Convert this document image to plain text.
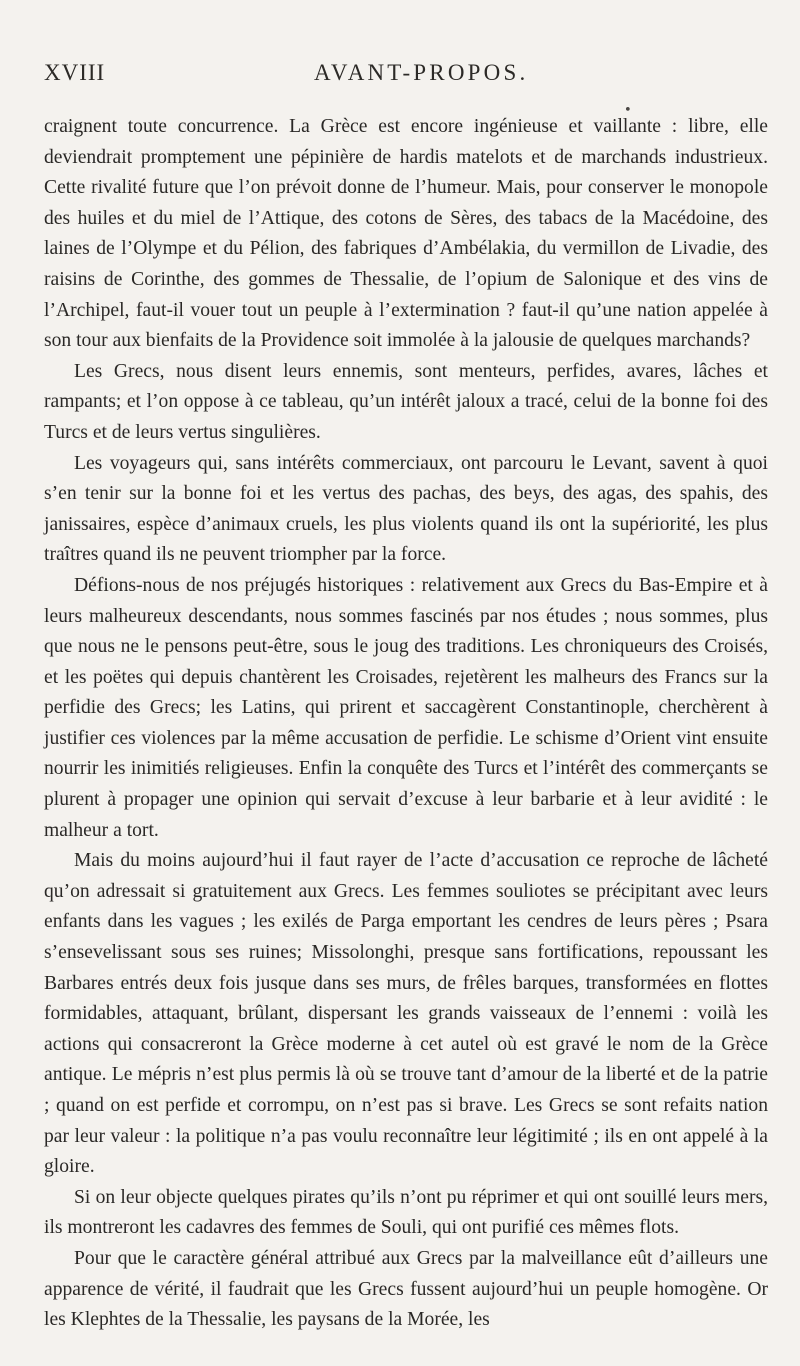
XVIII	AVANT-PROPOS.
•

craignent toute concurrence. La Grèce est encore ingénieuse et vaillante : libre, elle deviendrait promptement une pépinière de hardis matelots et de marchands industrieux. Cette rivalité future que l’on prévoit donne de l’humeur. Mais, pour conserver le monopole des huiles et du miel de l’Attique, des cotons de Sères, des tabacs de la Macédoine, des laines de l’Olympe et du Pélion, des fabriques d’Ambélakia, du vermillon de Livadie, des raisins de Corinthe, des gommes de Thessalie, de l’opium de Salonique et des vins de l’Archipel, faut-il vouer tout un peuple à l’extermination ? faut-il qu’une nation appelée à son tour aux bienfaits de la Providence soit immolée à la jalousie de quelques marchands?

Les Grecs, nous disent leurs ennemis, sont menteurs, perfides, avares, lâches et rampants; et l’on oppose à ce tableau, qu’un intérêt jaloux a tracé, celui de la bonne foi des Turcs et de leurs vertus singulières.

Les voyageurs qui, sans intérêts commerciaux, ont parcouru le Levant, savent à quoi s’en tenir sur la bonne foi et les vertus des pachas, des beys, des agas, des spahis, des janissaires, espèce d’animaux cruels, les plus violents quand ils ont la supériorité, les plus traîtres quand ils ne peuvent triompher par la force.

Défions-nous de nos préjugés historiques : relativement aux Grecs du Bas-Empire et à leurs malheureux descendants, nous sommes fascinés par nos études ; nous sommes, plus que nous ne le pensons peut-être, sous le joug des traditions. Les chroniqueurs des Croisés, et les poëtes qui depuis chantèrent les Croisades, rejetèrent les malheurs des Francs sur la perfidie des Grecs; les Latins, qui prirent et saccagèrent Constantinople, cherchèrent à justifier ces violences par la même accusation de perfidie. Le schisme d’Orient vint ensuite nourrir les inimitiés religieuses. Enfin la conquête des Turcs et l’intérêt des commerçants se plurent à propager une opinion qui servait d’excuse à leur barbarie et à leur avidité : le malheur a tort.

Mais du moins aujourd’hui il faut rayer de l’acte d’accusation ce reproche de lâcheté qu’on adressait si gratuitement aux Grecs. Les femmes souliotes se précipitant avec leurs enfants dans les vagues ; les exilés de Parga emportant les cendres de leurs pères ; Psara s’ensevelissant sous ses ruines; Missolonghi, presque sans fortifications, repoussant les Barbares entrés deux fois jusque dans ses murs, de frêles barques, transformées en flottes formidables, attaquant, brûlant, dispersant les grands vaisseaux de l’ennemi : voilà les actions qui consacreront la Grèce moderne à cet autel où est gravé le nom de la Grèce antique. Le mépris n’est plus permis là où se trouve tant d’amour de la liberté et de la patrie ; quand on est perfide et corrompu, on n’est pas si brave. Les Grecs se sont refaits nation par leur valeur : la politique n’a pas voulu reconnaître leur légitimité ; ils en ont appelé à la gloire.

Si on leur objecte quelques pirates qu’ils n’ont pu réprimer et qui ont souillé leurs mers, ils montreront les cadavres des femmes de Souli, qui ont purifié ces mêmes flots.

Pour que le caractère général attribué aux Grecs par la malveillance eût d’ailleurs une apparence de vérité, il faudrait que les Grecs fussent aujourd’hui un peuple homogène. Or les Klephtes de la Thessalie, les paysans de la Morée, les
